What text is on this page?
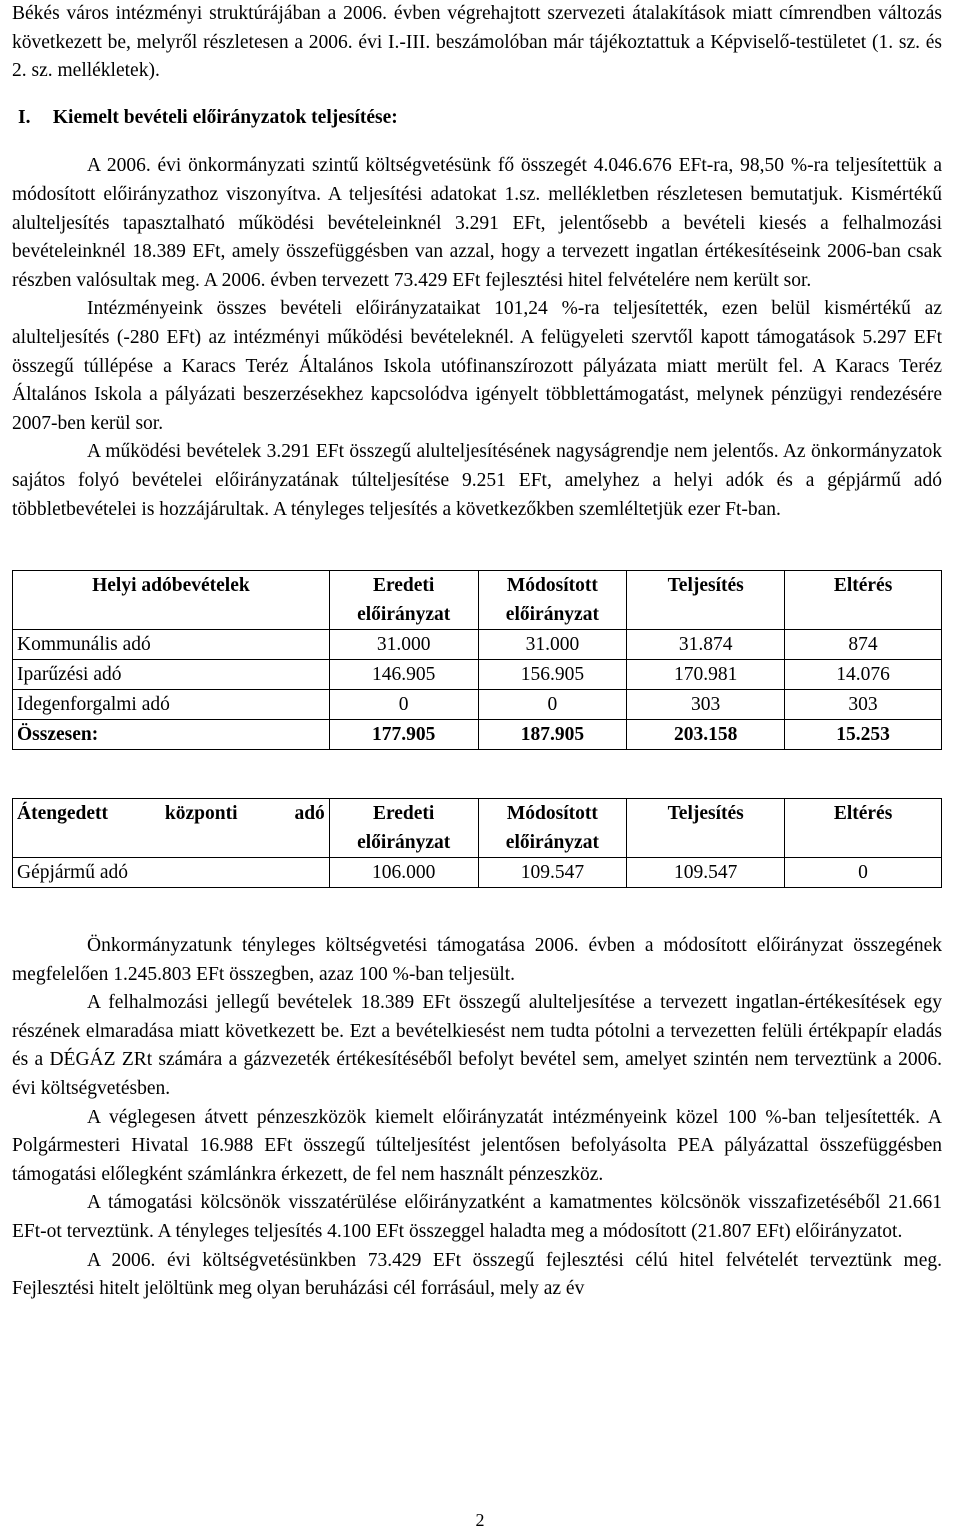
Békés város intézményi struktúrájában a 2006. évben végrehajtott szervezeti átalakítások miatt címrendben változás következett be, melyről részletesen a 2006. évi I.-III. beszámolóban már tájékoztattuk a Képviselő-testületet (1. sz. és 2. sz. mellékletek).

I. Kiemelt bevételi előirányzatok teljesítése:

A 2006. évi önkormányzati szintű költségvetésünk fő összegét 4.046.676 EFt-ra, 98,50 %-ra teljesítettük a módosított előirányzathoz viszonyítva. A teljesítési adatokat 1.sz. mellékletben részletesen bemutatjuk. Kismértékű alulteljesítés tapasztalható működési bevételeinknél 3.291 EFt, jelentősebb a bevételi kiesés a felhalmozási bevételeinknél 18.389 EFt, amely összefüggésben van azzal, hogy a tervezett ingatlan értékesítéseink 2006-ban csak részben valósultak meg. A 2006. évben tervezett 73.429 EFt fejlesztési hitel felvételére nem került sor.

Intézményeink összes bevételi előirányzataikat 101,24 %-ra teljesítették, ezen belül kismértékű az alulteljesítés (-280 EFt) az intézményi működési bevételeknél. A felügyeleti szervtől kapott támogatások 5.297 EFt összegű túllépése a Karacs Teréz Általános Iskola utófinanszírozott pályázata miatt merült fel. A Karacs Teréz Általános Iskola a pályázati beszerzésekhez kapcsolódva igényelt többlettámogatást, melynek pénzügyi rendezésére 2007-ben kerül sor.

A működési bevételek 3.291 EFt összegű alulteljesítésének nagyságrendje nem jelentős. Az önkormányzatok sajátos folyó bevételei előirányzatának túlteljesítése 9.251 EFt, amelyhez a helyi adók és a gépjármű adó többletbevételei is hozzájárultak. A tényleges teljesítés a következőkben szemléltetjük ezer Ft-ban.

Helyi adóbevételek	Eredeti előirányzat	Módosított előirányzat	Teljesítés	Eltérés
Kommunális adó	31.000	31.000	31.874	874
Iparűzési adó	146.905	156.905	170.981	14.076
Idegenforgalmi adó	0	0	303	303
Összesen:	177.905	187.905	203.158	15.253
Átengedett központi adó	Eredeti előirányzat	Módosított előirányzat	Teljesítés	Eltérés
Gépjármű adó	106.000	109.547	109.547	0

Önkormányzatunk tényleges költségvetési támogatása 2006. évben a módosított előirányzat összegének megfelelően 1.245.803 EFt összegben, azaz 100 %-ban teljesült.

A felhalmozási jellegű bevételek 18.389 EFt összegű alulteljesítése a tervezett ingatlan-értékesítések egy részének elmaradása miatt következett be. Ezt a bevételkiesést nem tudta pótolni a tervezetten felüli értékpapír eladás és a DÉGÁZ ZRt számára a gázvezeték értékesítéséből befolyt bevétel sem, amelyet szintén nem terveztünk a 2006. évi költségvetésben.

A véglegesen átvett pénzeszközök kiemelt előirányzatát intézményeink közel 100 %-ban teljesítették. A Polgármesteri Hivatal 16.988 EFt összegű túlteljesítést jelentősen befolyásolta PEA pályázattal összefüggésben támogatási előlegként számlánkra érkezett, de fel nem használt pénzeszköz.

A támogatási kölcsönök visszatérülése előirányzatként a kamatmentes kölcsönök visszafizetéséből 21.661 EFt-ot terveztünk. A tényleges teljesítés 4.100 EFt összeggel haladta meg a módosított (21.807 EFt) előirányzatot.

A 2006. évi költségvetésünkben 73.429 EFt összegű fejlesztési célú hitel felvételét terveztünk meg. Fejlesztési hitelt jelöltünk meg olyan beruházási cél forrásául, mely az év

2
